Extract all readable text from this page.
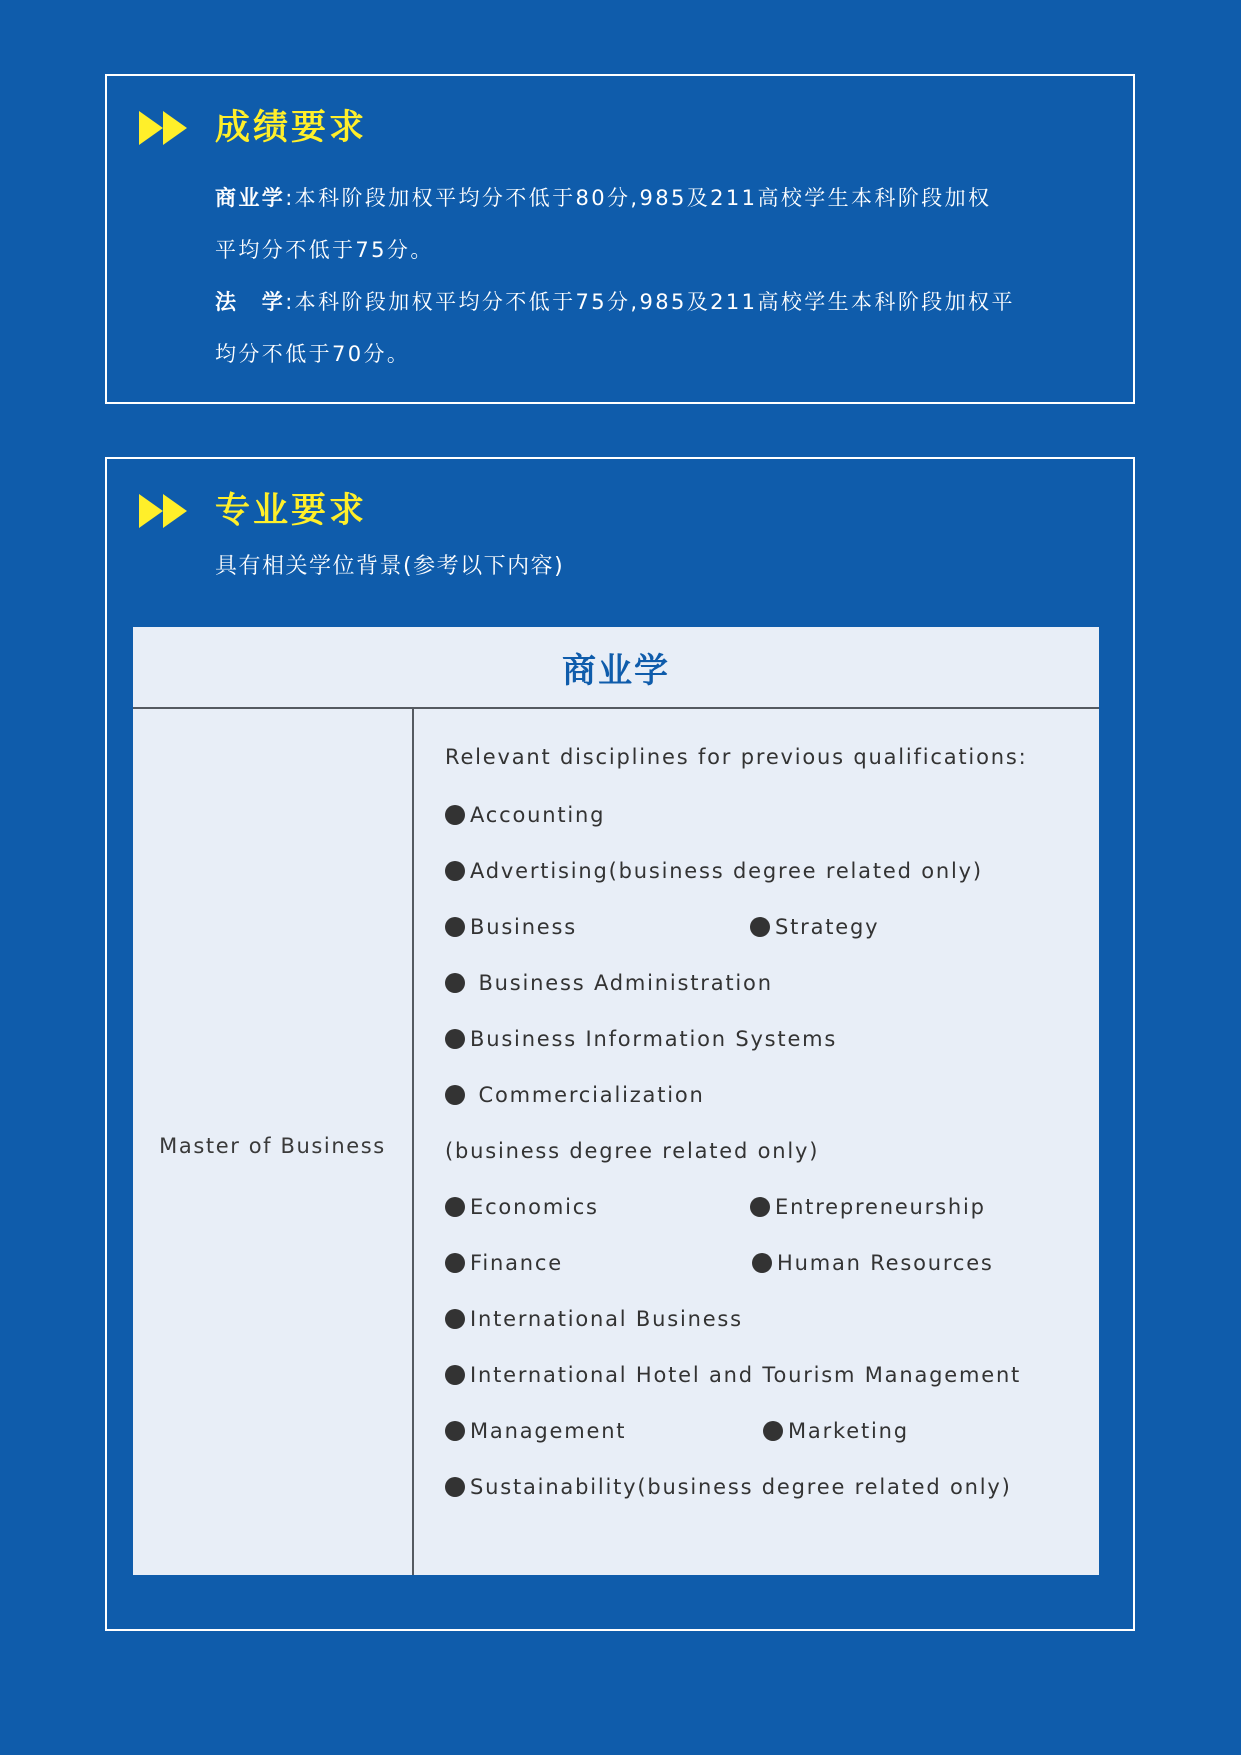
成绩要求
商业学:本科阶段加权平均分不低于80分,985及211高校学生本科阶段加权
平均分不低于75分。
法　学:本科阶段加权平均分不低于75分,985及211高校学生本科阶段加权平
均分不低于70分。
专业要求
具有相关学位背景(参考以下内容)
商业学
Master of Business
Relevant disciplines for previous qualifications:
Accounting
Advertising(business degree related only)
Business	Strategy
Business Administration
Business Information Systems
Commercialization
(business degree related only)
Economics	Entrepreneurship
Finance	Human Resources
International Business
International Hotel and Tourism Management
Management	Marketing
Sustainability(business degree related only)
